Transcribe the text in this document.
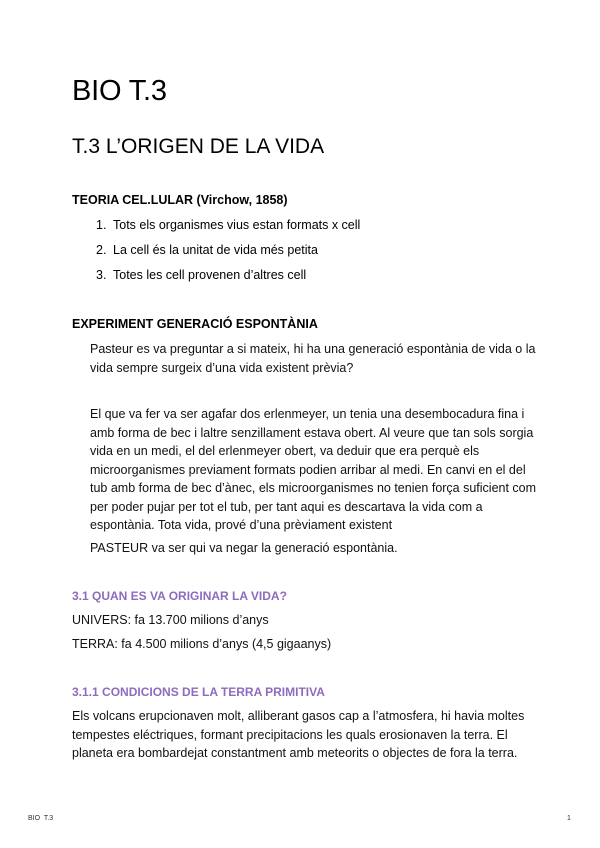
BIO T.3
T.3 L’ORIGEN DE LA VIDA
TEORIA CEL.LULAR (Virchow, 1858)
1. Tots els organismes vius estan formats x cell
2. La cell és la unitat de vida més petita
3. Totes les cell provenen d’altres cell
EXPERIMENT GENERACIÓ ESPONTÀNIA
Pasteur es va preguntar a si mateix, hi ha una generació espontània de vida o la
vida sempre surgeix d’una vida existent prèvia?
El que va fer va ser agafar dos erlenmeyer, un tenia una desembocadura fina i
amb forma de bec i laltre senzillament estava obert. Al veure que tan sols sorgia
vida en un medi, el del erlenmeyer obert, va deduir que era perquè els
microorganismes previament formats podien arribar al medi. En canvi en el del
tub amb forma de bec d’ànec, els microorganismes no tenien força suficient com
per poder pujar per tot el tub, per tant aqui es descartava la vida com a
espontània. Tota vida, prové d’una prèviament existent
PASTEUR va ser qui va negar la generació espontània.
3.1 QUAN ES VA ORIGINAR LA VIDA?
UNIVERS: fa 13.700 milions d’anys
TERRA: fa 4.500 milions d’anys (4,5 gigaanys)
3.1.1 CONDICIONS DE LA TERRA PRIMITIVA
Els volcans erupcionaven molt, alliberant gasos cap a l’atmosfera, hi havia moltes
tempestes eléctriques, formant precipitacions les quals erosionaven la terra. El
planeta era bombardejat constantment amb meteorits o objectes de fora la terra.
BIO  T.3	1
